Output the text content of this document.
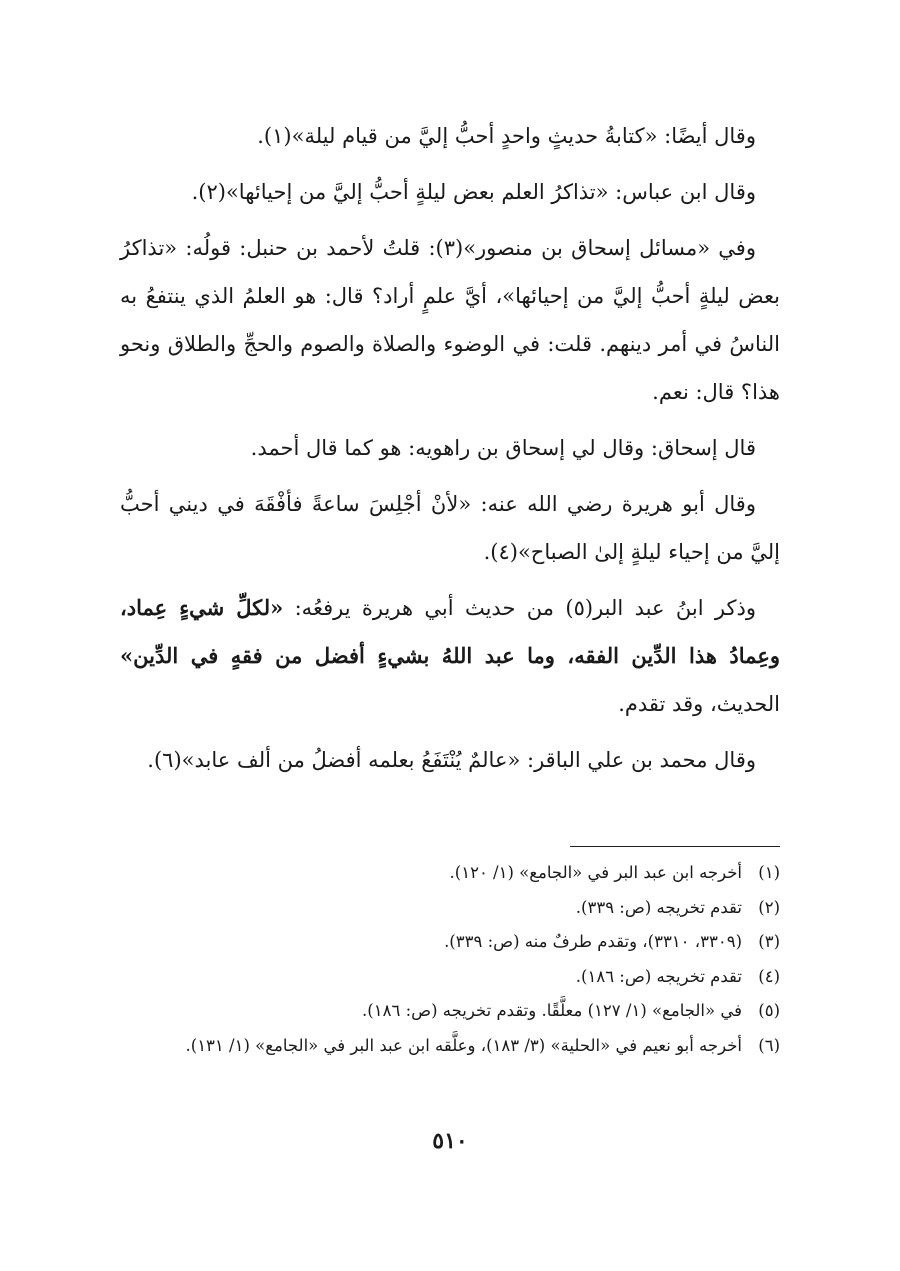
وقال أيضًا: «كتابةُ حديثٍ واحدٍ أحبُّ إليَّ من قيام ليلة»(١).

وقال ابن عباس: «تذاكرُ العلم بعض ليلةٍ أحبُّ إليَّ من إحيائها»(٢).

وفي «مسائل إسحاق بن منصور»(٣): قلتُ لأحمد بن حنبل: قولُه: «تذاكرُ بعض ليلةٍ أحبُّ إليَّ من إحيائها»، أيَّ علمٍ أراد؟ قال: هو العلمُ الذي ينتفعُ به الناسُ في أمر دينهم. قلت: في الوضوء والصلاة والصوم والحجِّ والطلاق ونحو هذا؟ قال: نعم.

قال إسحاق: وقال لي إسحاق بن راهويه: هو كما قال أحمد.

وقال أبو هريرة رضي الله عنه: «لأنْ أجْلِسَ ساعةً فأفْقَهَ في ديني أحبُّ إليَّ من إحياء ليلةٍ إلىٰ الصباح»(٤).

وذكر ابنُ عبد البر(٥) من حديث أبي هريرة يرفعُه: «لكلِّ شيءٍ عِماد، وعِمادُ هذا الدِّين الفقه، وما عبد اللهُ بشيءٍ أفضل من فقهٍ في الدِّين» الحديث، وقد تقدم.

وقال محمد بن علي الباقر: «عالمٌ يُنْتَفَعُ بعلمه أفضلُ من ألف عابد»(٦).

(١)
أخرجه ابن عبد البر في «الجامع» (١/ ١٢٠).
(٢)
تقدم تخريجه (ص: ٣٣٩).
(٣)
(٣٣٠٩، ٣٣١٠)، وتقدم طرفٌ منه (ص: ٣٣٩).
(٤)
تقدم تخريجه (ص: ١٨٦).
(٥)
في «الجامع» (١/ ١٢٧) معلَّقًا. وتقدم تخريجه (ص: ١٨٦).
(٦)
أخرجه أبو نعيم في «الحلية» (٣/ ١٨٣)، وعلَّقه ابن عبد البر في «الجامع» (١/ ١٣١).
٥١٠
